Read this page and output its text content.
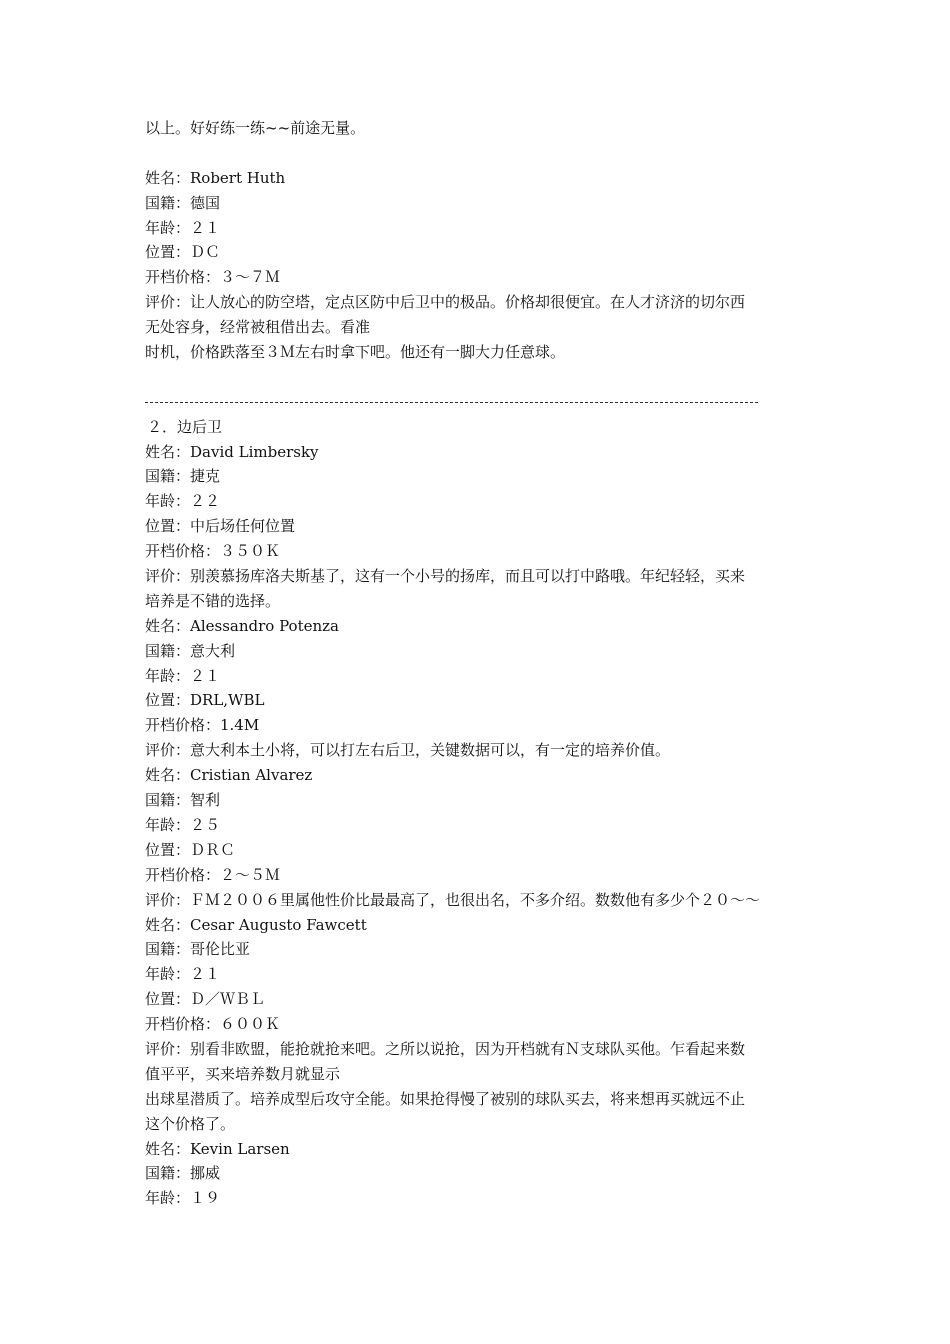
以上。好好练一练~~前途无量。
姓名：Robert Huth
国籍：德国
年龄：２１
位置：ＤＣ
开档价格：３～７Ｍ
评价：让人放心的防空塔，定点区防中后卫中的极品。价格却很便宜。在人才济济的切尔西
无处容身，经常被租借出去。看准
时机，价格跌落至３Ｍ左右时拿下吧。他还有一脚大力任意球。
２．边后卫
姓名：David Limbersky
国籍：捷克
年龄：２２
位置：中后场任何位置
开档价格：３５０Ｋ
评价：别羡慕扬库洛夫斯基了，这有一个小号的扬库，而且可以打中路哦。年纪轻轻，买来
培养是不错的选择。
姓名：Alessandro Potenza
国籍：意大利
年龄：２１
位置：DRL,WBL
开档价格：1.4M
评价：意大利本土小将，可以打左右后卫，关键数据可以，有一定的培养价值。
姓名：Cristian Alvarez
国籍：智利
年龄：２５
位置：ＤＲＣ
开档价格：２～５Ｍ
评价：ＦＭ２００６里属他性价比最最高了，也很出名，不多介绍。数数他有多少个２０～～
姓名：Cesar Augusto Fawcett
国籍：哥伦比亚
年龄：２１
位置：Ｄ／ＷＢＬ
开档价格：６００Ｋ
评价：别看非欧盟，能抢就抢来吧。之所以说抢，因为开档就有Ｎ支球队买他。乍看起来数
值平平，买来培养数月就显示
出球星潜质了。培养成型后攻守全能。如果抢得慢了被别的球队买去，将来想再买就远不止
这个价格了。
姓名：Kevin Larsen
国籍：挪威
年龄：１９
